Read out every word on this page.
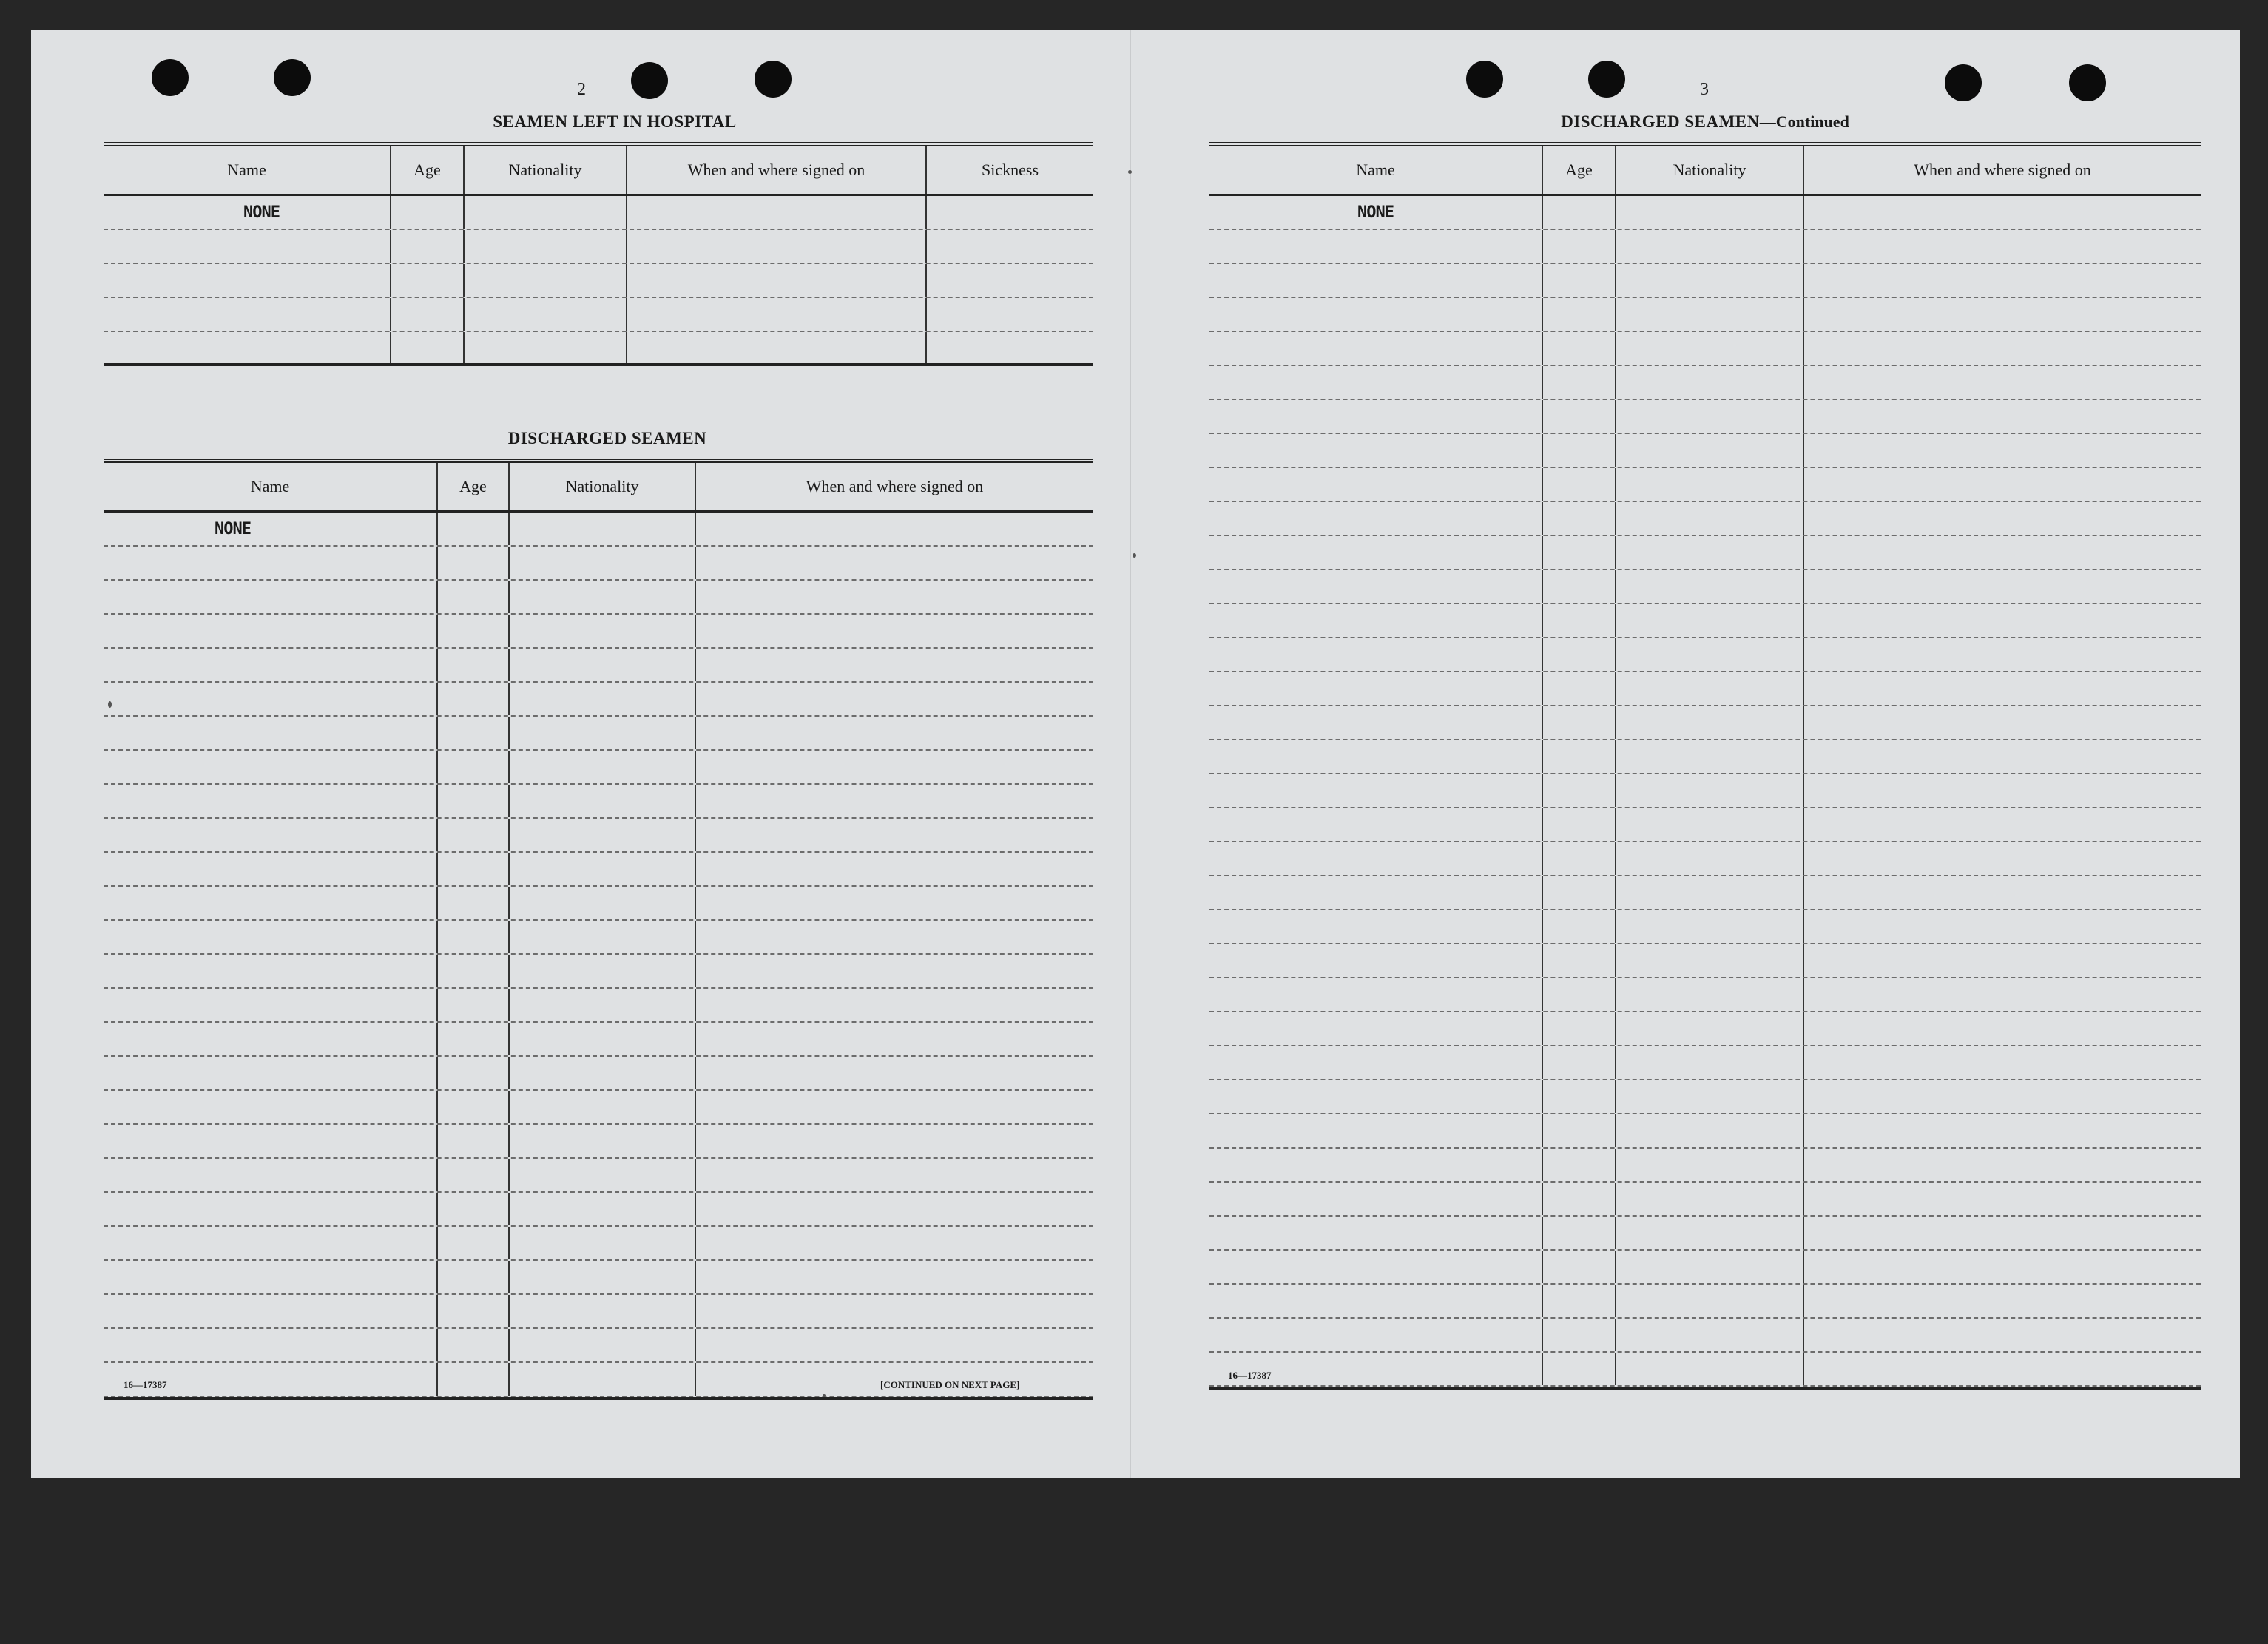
2
SEAMEN LEFT IN HOSPITAL
Name	Age	Nationality	When and where signed on	Sickness
NONE
DISCHARGED SEAMEN
Name	Age	Nationality	When and where signed on
NONE
16—17387	[CONTINUED ON NEXT PAGE]
3
DISCHARGED SEAMEN—Continued
Name	Age	Nationality	When and where signed on
NONE
16—17387
